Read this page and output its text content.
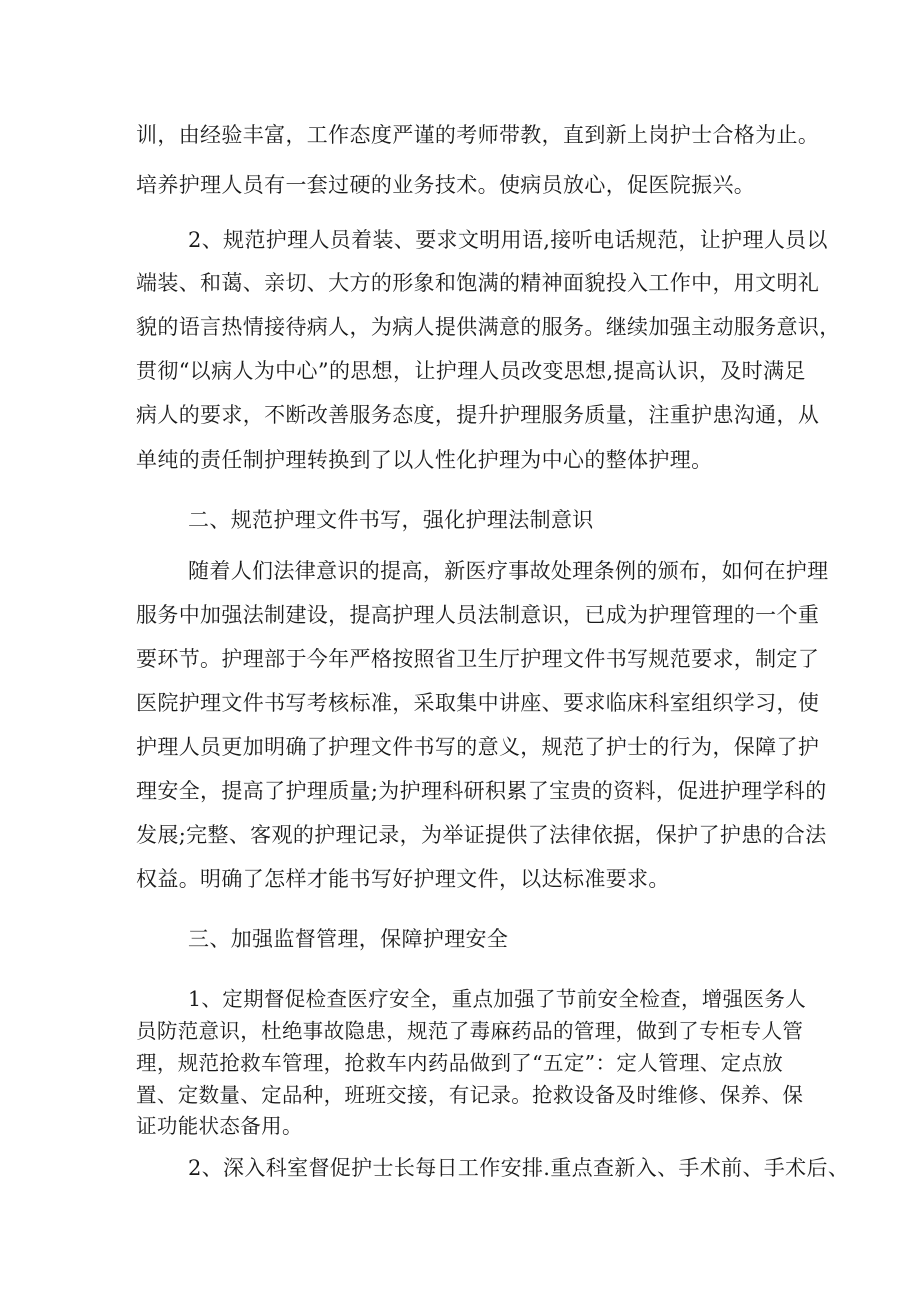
训，由经验丰富，工作态度严谨的考师带教，直到新上岗护士合格为止。
培养护理人员有一套过硬的业务技术。使病员放心，促医院振兴。
2、规范护理人员着装、要求文明用语,接听电话规范，让护理人员以
端装、和蔼、亲切、大方的形象和饱满的精神面貌投入工作中，用文明礼
貌的语言热情接待病人，为病人提供满意的服务。继续加强主动服务意识，
贯彻“以病人为中心”的思想，让护理人员改变思想,提高认识，及时满足
病人的要求，不断改善服务态度，提升护理服务质量，注重护患沟通，从
单纯的责任制护理转换到了以人性化护理为中心的整体护理。
二、规范护理文件书写，强化护理法制意识
随着人们法律意识的提高，新医疗事故处理条例的颁布，如何在护理
服务中加强法制建设，提高护理人员法制意识，已成为护理管理的一个重
要环节。护理部于今年严格按照省卫生厅护理文件书写规范要求，制定了
医院护理文件书写考核标准，采取集中讲座、要求临床科室组织学习，使
护理人员更加明确了护理文件书写的意义，规范了护士的行为，保障了护
理安全，提高了护理质量;为护理科研积累了宝贵的资料，促进护理学科的
发展;完整、客观的护理记录，为举证提供了法律依据，保护了护患的合法
权益。明确了怎样才能书写好护理文件，以达标准要求。
三、加强监督管理，保障护理安全
1、定期督促检查医疗安全，重点加强了节前安全检查，增强医务人
员防范意识，杜绝事故隐患，规范了毒麻药品的管理，做到了专柜专人管
理，规范抢救车管理，抢救车内药品做到了“五定”：定人管理、定点放
置、定数量、定品种，班班交接，有记录。抢救设备及时维修、保养、保
证功能状态备用。
2、深入科室督促护士长每日工作安排.重点查新入、手术前、手术后、
